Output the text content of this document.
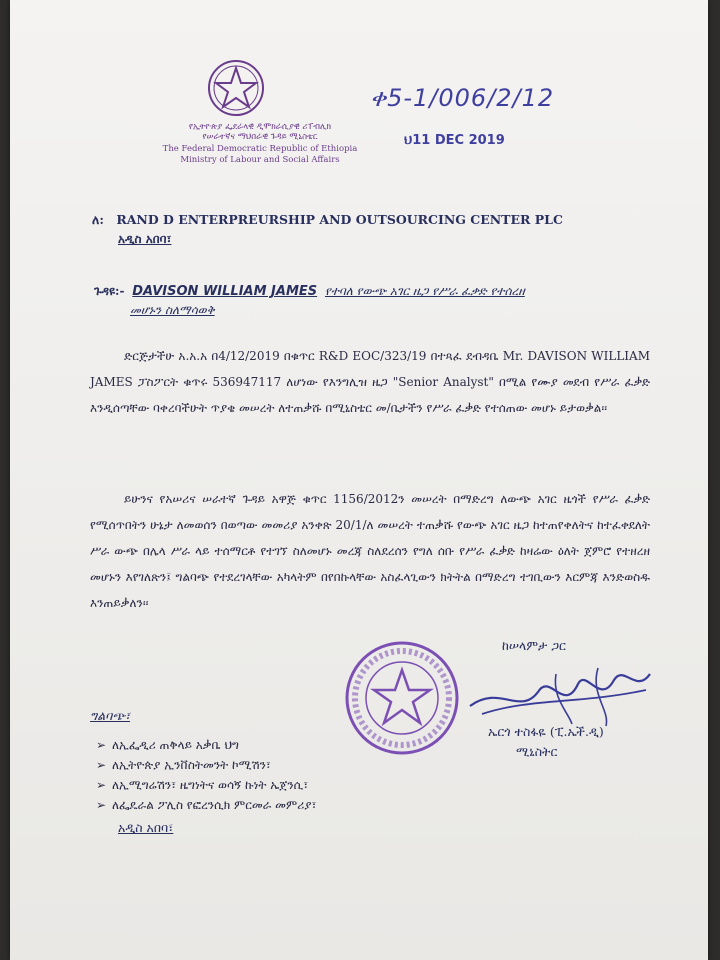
የኢትዮጵያ ፌደራላዊ ዲሞክራሲያዊ ሪፐብሊክ
የሠራተኛና ማህበራዊ ጉዳይ ሚኒስቴር
The Federal Democratic Republic of Ethiopia
Ministry of Labour and Social Affairs
ቀ5-1/006/2/12
ህ11 DEC 2019
ለ: RAND D ENTERPREURSHIP AND OUTSOURCING CENTER PLC
አዲስ አበባ፣
ጉዳዩ:- DAVISON WILLIAM JAMES የተባለ የውጭ አገር ዜጋ የሥራ ፈቃድ የተሰረዘ
መሆኑን ስለማሳወቅ
ድርጅታችሁ አ.አ.አ በ4/12/2019 በቁጥር R&D EOC/323/19 በተጻፈ ደብዳቤ Mr. DAVISON WILLIAM JAMES ፓስፖርት ቁጥሩ 536947117 ለሆነው የእንግሊዝ ዜጋ "Senior Analyst" በሚል የሙያ መደብ የሥራ ፈቃድ እንዲሰጣቸው ባቀረባችሁት ጥያቄ መሠረት ለተጠቃሹ በሚኒስቴር መ/ቤታችን የሥራ ፈቃድ የተሰጠው መሆኑ ይታወቃል፡፡
ይሁንና የአሠሪና ሠራተኛ ጉዳይ አዋጅ ቁጥር 1156/2012ን መሠረት በማድረግ ለውጭ አገር ዜጎች የሥራ ፈቃድ የሚሰጥበትን ሁኔታ ለመወሰን በወጣው መመሪያ አንቀጽ 20/1/ለ መሠረት ተጠቃሹ የውጭ አገር ዜጋ ከተጠየቀለትና ከተፈቀደለት ሥራ ውጭ በሌላ ሥራ ላይ ተሰማርቶ የተገኘ ስለመሆኑ መረጃ ስለደረሰን የግለ ሰቡ የሥራ ፈቃድ ከዛሬው ዕለት ጀምሮ የተዘረዘ መሆኑን እየገለጽን፤ ግልባጭ የተደረገላቸው አካላትም በየበኩላቸው አስፈላጊውን ክትትል በማድረግ ተገቢውን እርምጃ እንድወስዱ እንጠይቃለን፡፡
ከሠላምታ ጋር
ኤርጎ ተስፋዬ (ፒ.ኤች.ዲ)
ሚኒስትር
ግልባጭ፣
➢ ለኢፌዲሪ ጠቅላይ አቃቤ ህግ
➢ ለኢትዮጵያ ኢንቨስትመንት ኮሚሽን፣
➢ ለኢሚግሬሽን፣ ዜግነትና ወሳኝ ኩነት ኤጀንሲ፣
➢ ለፌዴራል ፖሊስ የፎረንሲክ ምርመራ መምሪያ፣
አዲስ አበባ፣
